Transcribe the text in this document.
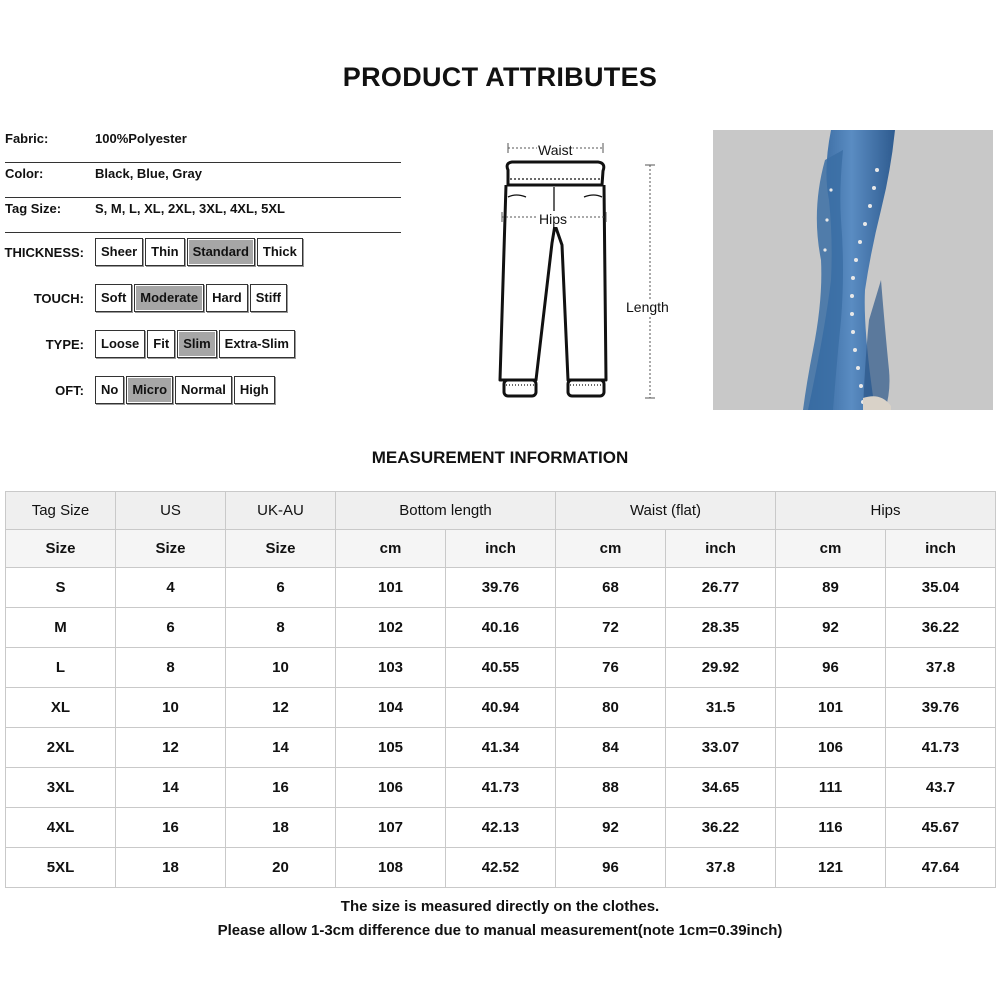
PRODUCT ATTRIBUTES
Fabric:	100%Polyester
Color:	Black, Blue, Gray
Tag Size:	S, M, L, XL, 2XL, 3XL, 4XL, 5XL
THICKNESS:	Sheer	Thin	Standard	Thick
TOUCH:	Soft	Moderate	Hard	Stiff
TYPE:	Loose	Fit	Slim	Extra-Slim
OFT:	No	Micro	Normal	High
Waist
Hips
Length
MEASUREMENT INFORMATION
Tag Size	US	UK-AU	Bottom length		Waist (flat)		Hips	
Size	Size	Size	cm	inch	cm	inch	cm	inch
S	4	6	101	39.76	68	26.77	89	35.04
M	6	8	102	40.16	72	28.35	92	36.22
L	8	10	103	40.55	76	29.92	96	37.8
XL	10	12	104	40.94	80	31.5	101	39.76
2XL	12	14	105	41.34	84	33.07	106	41.73
3XL	14	16	106	41.73	88	34.65	111	43.7
4XL	16	18	107	42.13	92	36.22	116	45.67
5XL	18	20	108	42.52	96	37.8	121	47.64
The size is measured directly on the clothes.
Please allow 1-3cm difference due to manual measurement(note 1cm=0.39inch)
